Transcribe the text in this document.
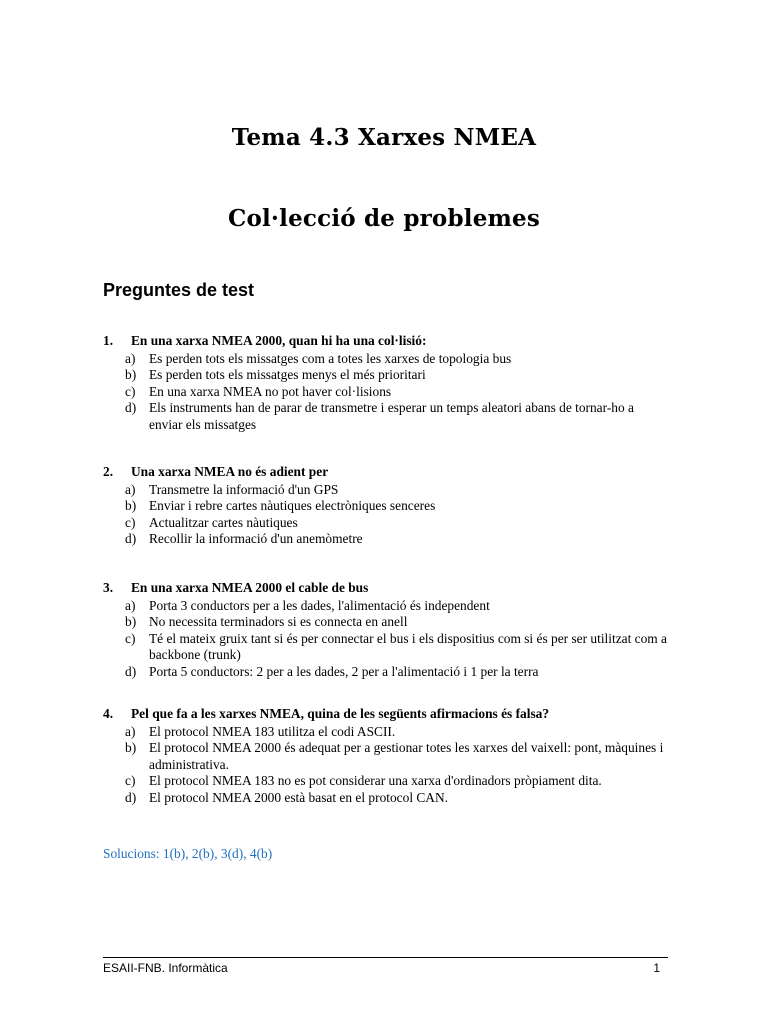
Tema 4.3 Xarxes NMEA
Col·lecció de problemes
Preguntes de test
1. En una xarxa NMEA 2000, quan hi ha una col·lisió:
a) Es perden tots els missatges com a totes les xarxes de topologia bus
b) Es perden tots els missatges menys el més prioritari
c) En una xarxa NMEA no pot haver col·lisions
d) Els instruments han de parar de transmetre i esperar un temps aleatori abans de tornar-ho a enviar els missatges
2. Una xarxa NMEA no és adient per
a) Transmetre la informació d'un GPS
b) Enviar i rebre cartes nàutiques electròniques senceres
c) Actualitzar cartes nàutiques
d) Recollir la informació d'un anemòmetre
3. En una xarxa NMEA 2000 el cable de bus
a) Porta 3 conductors per a les dades, l'alimentació és independent
b) No necessita terminadors si es connecta en anell
c) Té el mateix gruix tant si és per connectar el bus i els dispositius com si és per ser utilitzat com a backbone (trunk)
d) Porta 5 conductors: 2 per a les dades, 2 per a l'alimentació i 1 per la terra
4. Pel que fa a les xarxes NMEA, quina de les següents afirmacions és falsa?
a) El protocol NMEA 183 utilitza el codi ASCII.
b) El protocol NMEA 2000 és adequat per a gestionar totes les xarxes del vaixell: pont, màquines i administrativa.
c) El protocol NMEA 183 no es pot considerar una xarxa d'ordinadors pròpiament dita.
d) El protocol NMEA 2000 està basat en el protocol CAN.
Solucions: 1(b), 2(b), 3(d), 4(b)
ESAII-FNB. Informàtica	1
